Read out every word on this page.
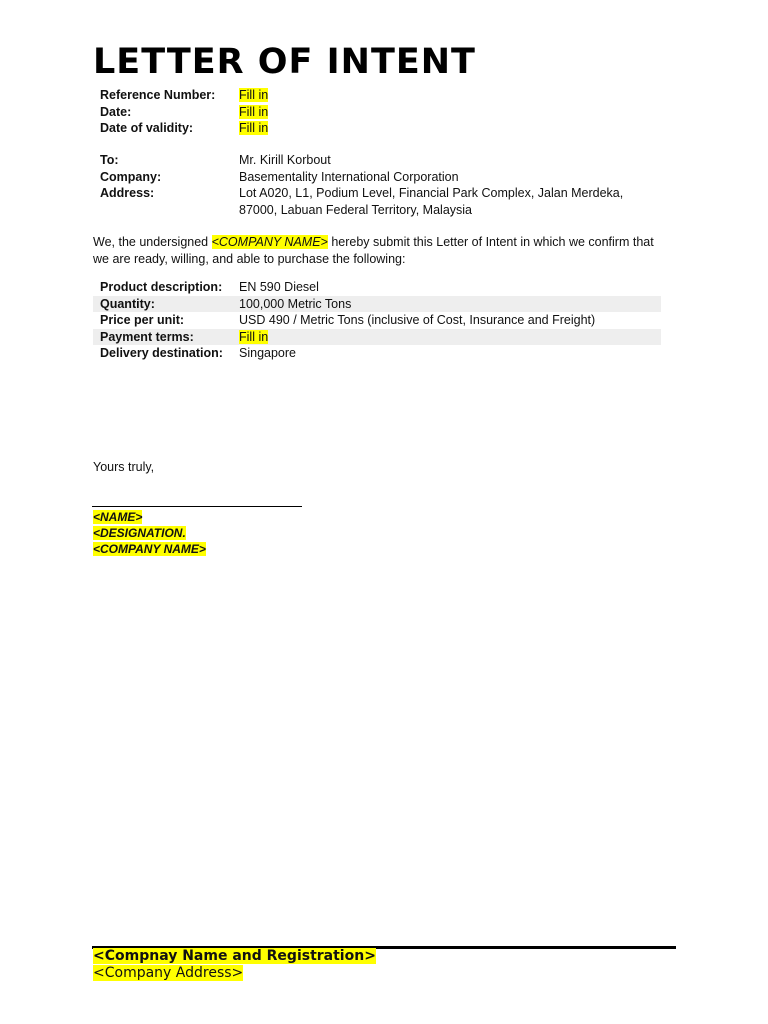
LETTER OF INTENT
Reference Number:	Fill in
Date:	Fill in
Date of validity:	Fill in
To:	Mr. Kirill Korbout
Company:	Basementality International Corporation
Address:	Lot A020, L1, Podium Level, Financial Park Complex, Jalan Merdeka,
87000, Labuan Federal Territory, Malaysia

We, the undersigned <COMPANY NAME> hereby submit this Letter of Intent in which we confirm that we are ready, willing, and able to purchase the following:

Product description:	EN 590 Diesel
Quantity:	100,000 Metric Tons
Price per unit:	USD 490 / Metric Tons (inclusive of Cost, Insurance and Freight)
Payment terms:	Fill in
Delivery destination:	Singapore

Yours truly,

<NAME>
<DESIGNATION.
<COMPANY NAME>
<Compnay Name and Registration>
<Company Address>
